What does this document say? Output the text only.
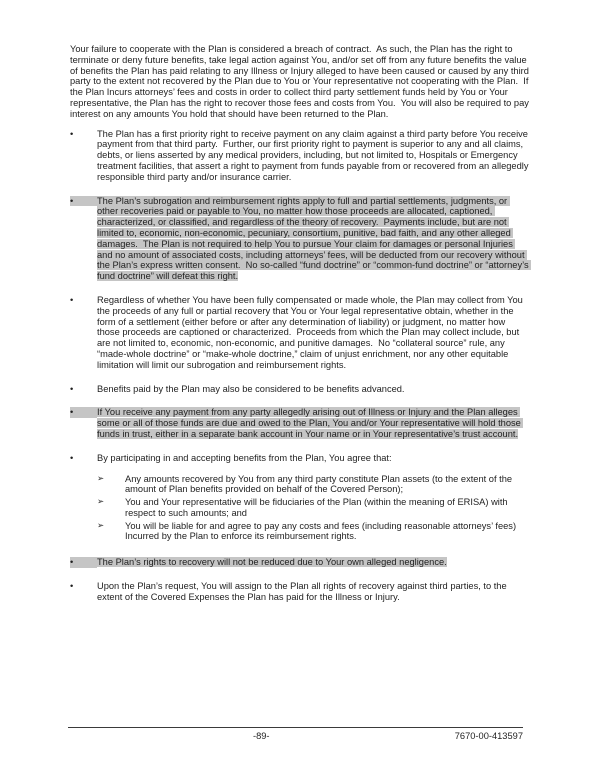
Your failure to cooperate with the Plan is considered a breach of contract.  As such, the Plan has the right to terminate or deny future benefits, take legal action against You, and/or set off from any future benefits the value of benefits the Plan has paid relating to any Illness or Injury alleged to have been caused or caused by any third party to the extent not recovered by the Plan due to You or Your representative not cooperating with the Plan.  If the Plan Incurs attorneys’ fees and costs in order to collect third party settlement funds held by You or Your representative, the Plan has the right to recover those fees and costs from You.  You will also be required to pay interest on any amounts You hold that should have been returned to the Plan.

•	The Plan has a first priority right to receive payment on any claim against a third party before You receive payment from that third party.  Further, our first priority right to payment is superior to any and all claims, debts, or liens asserted by any medical providers, including, but not limited to, Hospitals or Emergency treatment facilities, that assert a right to payment from funds payable from or recovered from an allegedly responsible third party and/or insurance carrier.
•	The Plan’s subrogation and reimbursement rights apply to full and partial settlements, judgments, or other recoveries paid or payable to You, no matter how those proceeds are allocated, captioned, characterized, or classified, and regardless of the theory of recovery.  Payments include, but are not limited to, economic, non-economic, pecuniary, consortium, punitive, bad faith, and any other alleged damages.  The Plan is not required to help You to pursue Your claim for damages or personal Injuries and no amount of associated costs, including attorneys’ fees, will be deducted from our recovery without the Plan’s express written consent.  No so-called “fund doctrine” or “common-fund doctrine” or “attorney’s fund doctrine” will defeat this right.
•	Regardless of whether You have been fully compensated or made whole, the Plan may collect from You the proceeds of any full or partial recovery that You or Your legal representative obtain, whether in the form of a settlement (either before or after any determination of liability) or judgment, no matter how those proceeds are captioned or characterized.  Proceeds from which the Plan may collect include, but are not limited to, economic, non-economic, and punitive damages.  No “collateral source” rule, any “made-whole doctrine” or “make-whole doctrine,” claim of unjust enrichment, nor any other equitable limitation will limit our subrogation and reimbursement rights.
•	Benefits paid by the Plan may also be considered to be benefits advanced.
•	If You receive any payment from any party allegedly arising out of Illness or Injury and the Plan alleges some or all of those funds are due and owed to the Plan, You and/or Your representative will hold those funds in trust, either in a separate bank account in Your name or in Your representative’s trust account.
•	By participating in and accepting benefits from the Plan, You agree that:
➢	Any amounts recovered by You from any third party constitute Plan assets (to the extent of the amount of Plan benefits provided on behalf of the Covered Person);
➢	You and Your representative will be fiduciaries of the Plan (within the meaning of ERISA) with respect to such amounts; and
➢	You will be liable for and agree to pay any costs and fees (including reasonable attorneys’ fees) Incurred by the Plan to enforce its reimbursement rights.
•	The Plan’s rights to recovery will not be reduced due to Your own alleged negligence.
•	Upon the Plan’s request, You will assign to the Plan all rights of recovery against third parties, to the extent of the Covered Expenses the Plan has paid for the Illness or Injury.
-89-	7670-00-413597
